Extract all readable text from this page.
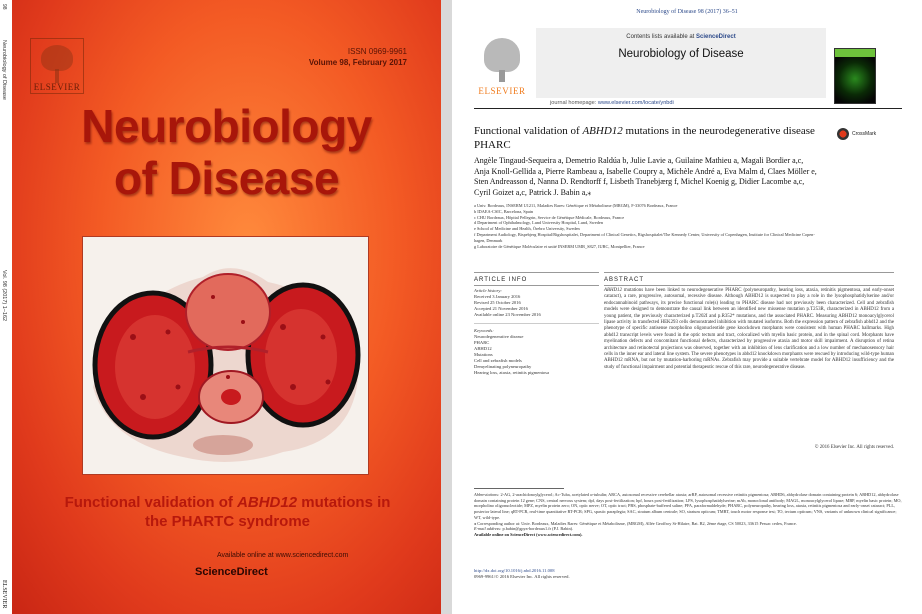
Neurobiology of Disease
Vol. 98 (2017) 1–162
98
ELSEVIER
ELSEVIER
ISSN 0969-9961
Volume 98, February 2017
Neurobiology
of Disease
Functional validation of ABHD12 mutations in
the PHARTC syndrome
Available online at www.sciencedirect.com
ScienceDirect
Neurobiology of Disease 98 (2017) 36–51
ELSEVIER
Contents lists available at ScienceDirect
Neurobiology of Disease
journal homepage: www.elsevier.com/locate/ynbdi
Functional validation of ABHD12 mutations in the neurodegenerative disease PHARC
CrossMark
Angèle Tingaud-Sequeira a, Demetrio Raldúa b, Julie Lavie a, Guilaine Mathieu a, Magali Bordier a,c,
Anja Knoll-Gellida a, Pierre Rambeau a, Isabelle Coupry a, Michèle André a, Eva Malm d, Claes Möller e,
Sten Andreasson d, Nanna D. Rendtorff f, Lisbeth Tranebjærg f, Michel Koenig g, Didier Lacombe a,c,
Cyril Goizet a,c, Patrick J. Babin a,⁎
a Univ. Bordeaux, INSERM U1211, Maladies Rares: Génétique et Métabolisme (MRGM), F-33076 Bordeaux, France
b IDAEA-CSIC, Barcelona, Spain
c CHU Bordeaux, Hôpital Pellegrin, Service de Génétique Médicale, Bordeaux, France
d Department of Ophthalmology, Lund University Hospital, Lund, Sweden
e School of Medicine and Health, Örebro University, Sweden
f Department Audiology, Bispebjerg Hospital/Rigshospitalet, Department of Clinical Genetics, Rigshospitalet/The Kennedy Center, University of Copenhagen, Institute for Clinical Medicine Copen-
hagen, Denmark
g Laboratoire de Génétique Moléculaire et unité INSERM UMR_S827, IURC, Montpellier, France
ARTICLE INFO	ABSTRACT
Article history:
Received 3 January 2016
Revised 25 October 2016
Accepted 21 November 2016
Available online 23 November 2016
Keywords:
Neurodegenerative disease
PHARC
ABHD12
Mutations
Cell and zebrafish models
Demyelinating polyneuropathy
Hearing loss, ataxia, retinitis pigmentosa
ABHD12 mutations have been linked to neurodegenerative PHARC (polyneuropathy, hearing loss, ataxia, retinitis pigmentosa, and early-onset cataract), a rare, progressive, autosomal, recessive disease. Although ABHD12 is suspected to play a role in the lysophosphatidylserine and/or endocannabinoid pathways, its precise functional role(s) leading to PHARC disease had not previously been characterized. Cell and zebrafish models were designed to demonstrate the causal link between an identified new missense mutation p.T253R, characterized in ABHD12 from a young patient, the previously characterized p.T202I and p.R352* mutations, and the associated PHARC. Measuring ABHD12 monoacylglycerol lipase activity in transfected HEK293 cells demonstrated inhibition with mutated isoforms. Both the expression pattern of zebrafish abhd12 and the phenotype of specific antisense morpholino oligonucleotide gene knockdown morphants were consistent with human PHARC hallmarks. High abhd12 transcript levels were found in the optic tectum and tract, colocalized with myelin basic protein, and in the spinal cord. Morphants have myelination defects and concomitant functional defects, characterized by progressive ataxia and motor skill impairment. A disruption of retina architecture and retinotectal projections was observed, together with an inhibition of lens clarification and a low number of mechanosensory hair cells in the inner ear and lateral line system. The severe phenotypes in abhd12 knockdown morphants were rescued by introducing wild-type human ABHD12 mRNA, but not by mutation-harboring mRNAs. Zebrafish may provide a suitable vertebrate model for ABHD12 insufficiency and the study of functional impairment and potential therapeutic rescue of this rare, neurodegenerative disease.
© 2016 Elsevier Inc. All rights reserved.
Abbreviations: 2-AG, 2-arachidonoylglycerol; Ac-Tuba, acetylated α-tubulin; ARCA, autosomal recessive cerebellar ataxia; arRP, autosomal recessive retinitis pigmentosa; ABHD6, abhydrolase domain containing protein 6; ABHD12, abhydrolase domain containing protein 12 gene; CNS, central nervous system; dpf, days post-fertilization; hpf, hours post-fertilization; LPS, lysophosphatidylserine; mAb, monoclonal antibody; MAGL, monoacylglycerol lipase; MBP, myelin basic protein; MO, morpholino oligonucleotide; MPZ, myelin protein zero; ON, optic nerve; OT, optic tract; PBS, phosphate-buffered saline; PFA, paraformaldehyde; PHARC, polyneuropathy, hearing loss, ataxia, retinitis pigmentosa and early-onset cataract; PLL, posterior lateral line; qRT-PCR, real-time quantitative RT-PCR; SPG, spastic paraplegia; SAC, stratum album centrale; SO, stratum opticum; TMRT, touch motor response test; TO, tectum opticum; VNS, variants of unknown clinical significance; WT, wild-type.
⁎ Corresponding author at: Univ. Bordeaux, Maladies Rares: Génétique et Métabolisme, (MRGM), Allée Geoffroy St-Hilaire, Bat. B2, 2ème étage, CS 50023, 33615 Pessac cedex, France.
E-mail address: p.babin@gpya-bordeaux1.fr (P.J. Babin).
Available online on ScienceDirect (www.sciencedirect.com).
http://dx.doi.org/10.1016/j.nbd.2016.11.008
0969-9961/© 2016 Elsevier Inc. All rights reserved.
